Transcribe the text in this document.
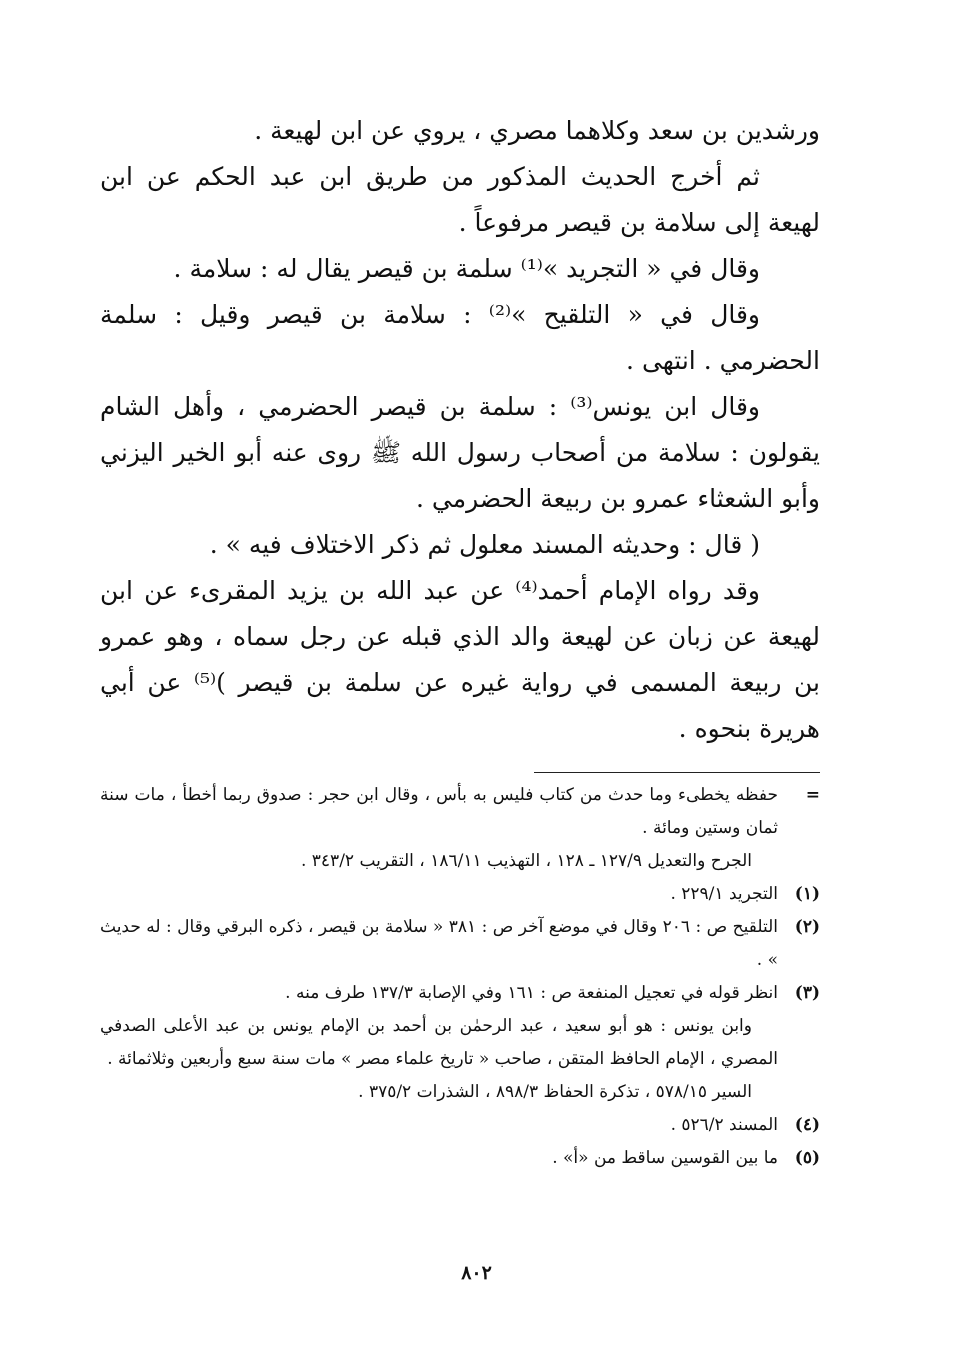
ورشدين بن سعد وكلاهما مصري ، يروي عن ابن لهيعة .

ثم أخرج الحديث المذكور من طريق ابن عبد الحكم عن ابن لهيعة إلى سلامة بن قيصر مرفوعاً .

وقال في « التجريد »⁽¹⁾ سلمة بن قيصر يقال له : سلامة .

وقال في « التلقيح »⁽²⁾ : سلامة بن قيصر وقيل : سلمة الحضرمي . انتهى .

وقال ابن يونس⁽³⁾ : سلمة بن قيصر الحضرمي ، وأهل الشام يقولون : سلامة من أصحاب رسول الله ﷺ روى عنه أبو الخير اليزني وأبو الشعثاء عمرو بن ربيعة الحضرمي .

( قال : وحديثه المسند معلول ثم ذكر الاختلاف فيه » .

وقد رواه الإمام أحمد⁽⁴⁾ عن عبد الله بن يزيد المقرىء عن ابن لهيعة عن زبان عن لهيعة والد الذي قبله عن رجل سماه ، وهو عمرو بن ربيعة المسمى في رواية غيره عن سلمة بن قيصر )⁽⁵⁾ عن أبي هريرة بنحوه .

=
حفظه يخطىء وما حدث من كتاب فليس به بأس ، وقال ابن حجر : صدوق ربما أخطأ ، مات سنة ثمان وستين ومائة .
الجرح والتعديل ١٢٧/٩ ـ ١٢٨ ، التهذيب ١٨٦/١١ ، التقريب ٣٤٣/٢ .
(١)
التجريد ٢٢٩/١ .
(٢)
التلقيح ص : ٢٠٦ وقال في موضع آخر ص : ٣٨١ « سلامة بن قيصر ، ذكره البرقي وقال : له حديث » .
(٣)
انظر قوله في تعجيل المنفعة ص : ١٦١ وفي الإصابة ١٣٧/٣ طرف منه .
وابن يونس : هو أبو سعيد ، عبد الرحمٰن بن أحمد بن الإمام يونس بن عبد الأعلى الصدفي المصري ، الإمام الحافظ المتقن ، صاحب « تاريخ علماء مصر » مات سنة سبع وأربعين وثلاثمائة .
السير ٥٧٨/١٥ ، تذكرة الحفاظ ٨٩٨/٣ ، الشذرات ٣٧٥/٢ .
(٤)
المسند ٥٢٦/٢ .
(٥)
ما بين القوسين ساقط من «أ» .
٨٠٢
